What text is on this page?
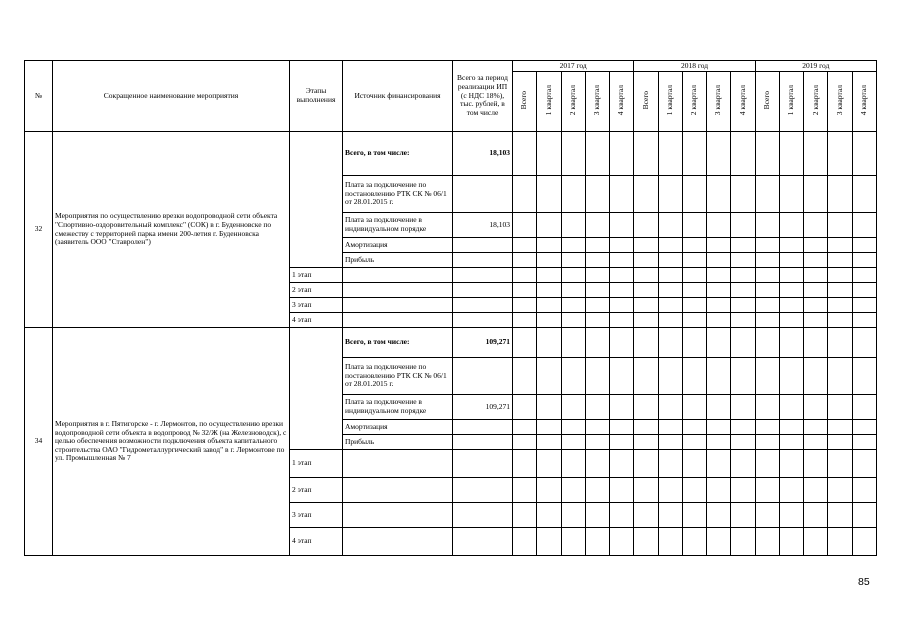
№	Сокращенное наименование мероприятия	Этапы выполнения	Источник финансирования	Всего за период реализации ИП (с НДС 18%), тыс. рублей, в том числе	2017 год					2018 год					2019 год				
					Всего	1 квартал	2 квартал	3 квартал	4 квартал	Всего	1 квартал	2 квартал	3 квартал	4 квартал	Всего	1 квартал	2 квартал	3 квартал	4 квартал
32	Мероприятия по осуществлению врезки водопроводной сети объекта "Спортивно-оздоровительный комплекс" (СОК) в г. Буденновске по смежеству с территорией парка имени 200-летия г. Буденновска (заявитель ООО "Ставролен")		Всего, в том числе:	18,103															
			Плата за подключение по постановлению РТК СК № 06/1 от 28.01.2015 г.																
			Плата за подключение в индивидуальном порядке	18,103															
			Амортизация																
			Прибыль																
		1 этап																	
		2 этап																	
		3 этап																	
		4 этап																	
34	Мероприятия в г. Пятигорске - г. Лермонтов, по осуществлению врезки водопроводной сети объекта в водопровод № 32/Ж (на Железноводск), с целью обеспечения возможности подключения объекта капитального строительства ОАО "Гидрометаллургический завод" в г. Лермонтове по ул. Промышленная № 7		Всего, в том числе:	109,271															
			Плата за подключение по постановлению РТК СК № 06/1 от 28.01.2015 г.																
			Плата за подключение в индивидуальном порядке	109,271															
			Амортизация																
			Прибыль																
		1 этап																	
		2 этап																	
		3 этап																	
		4 этап																	
85
